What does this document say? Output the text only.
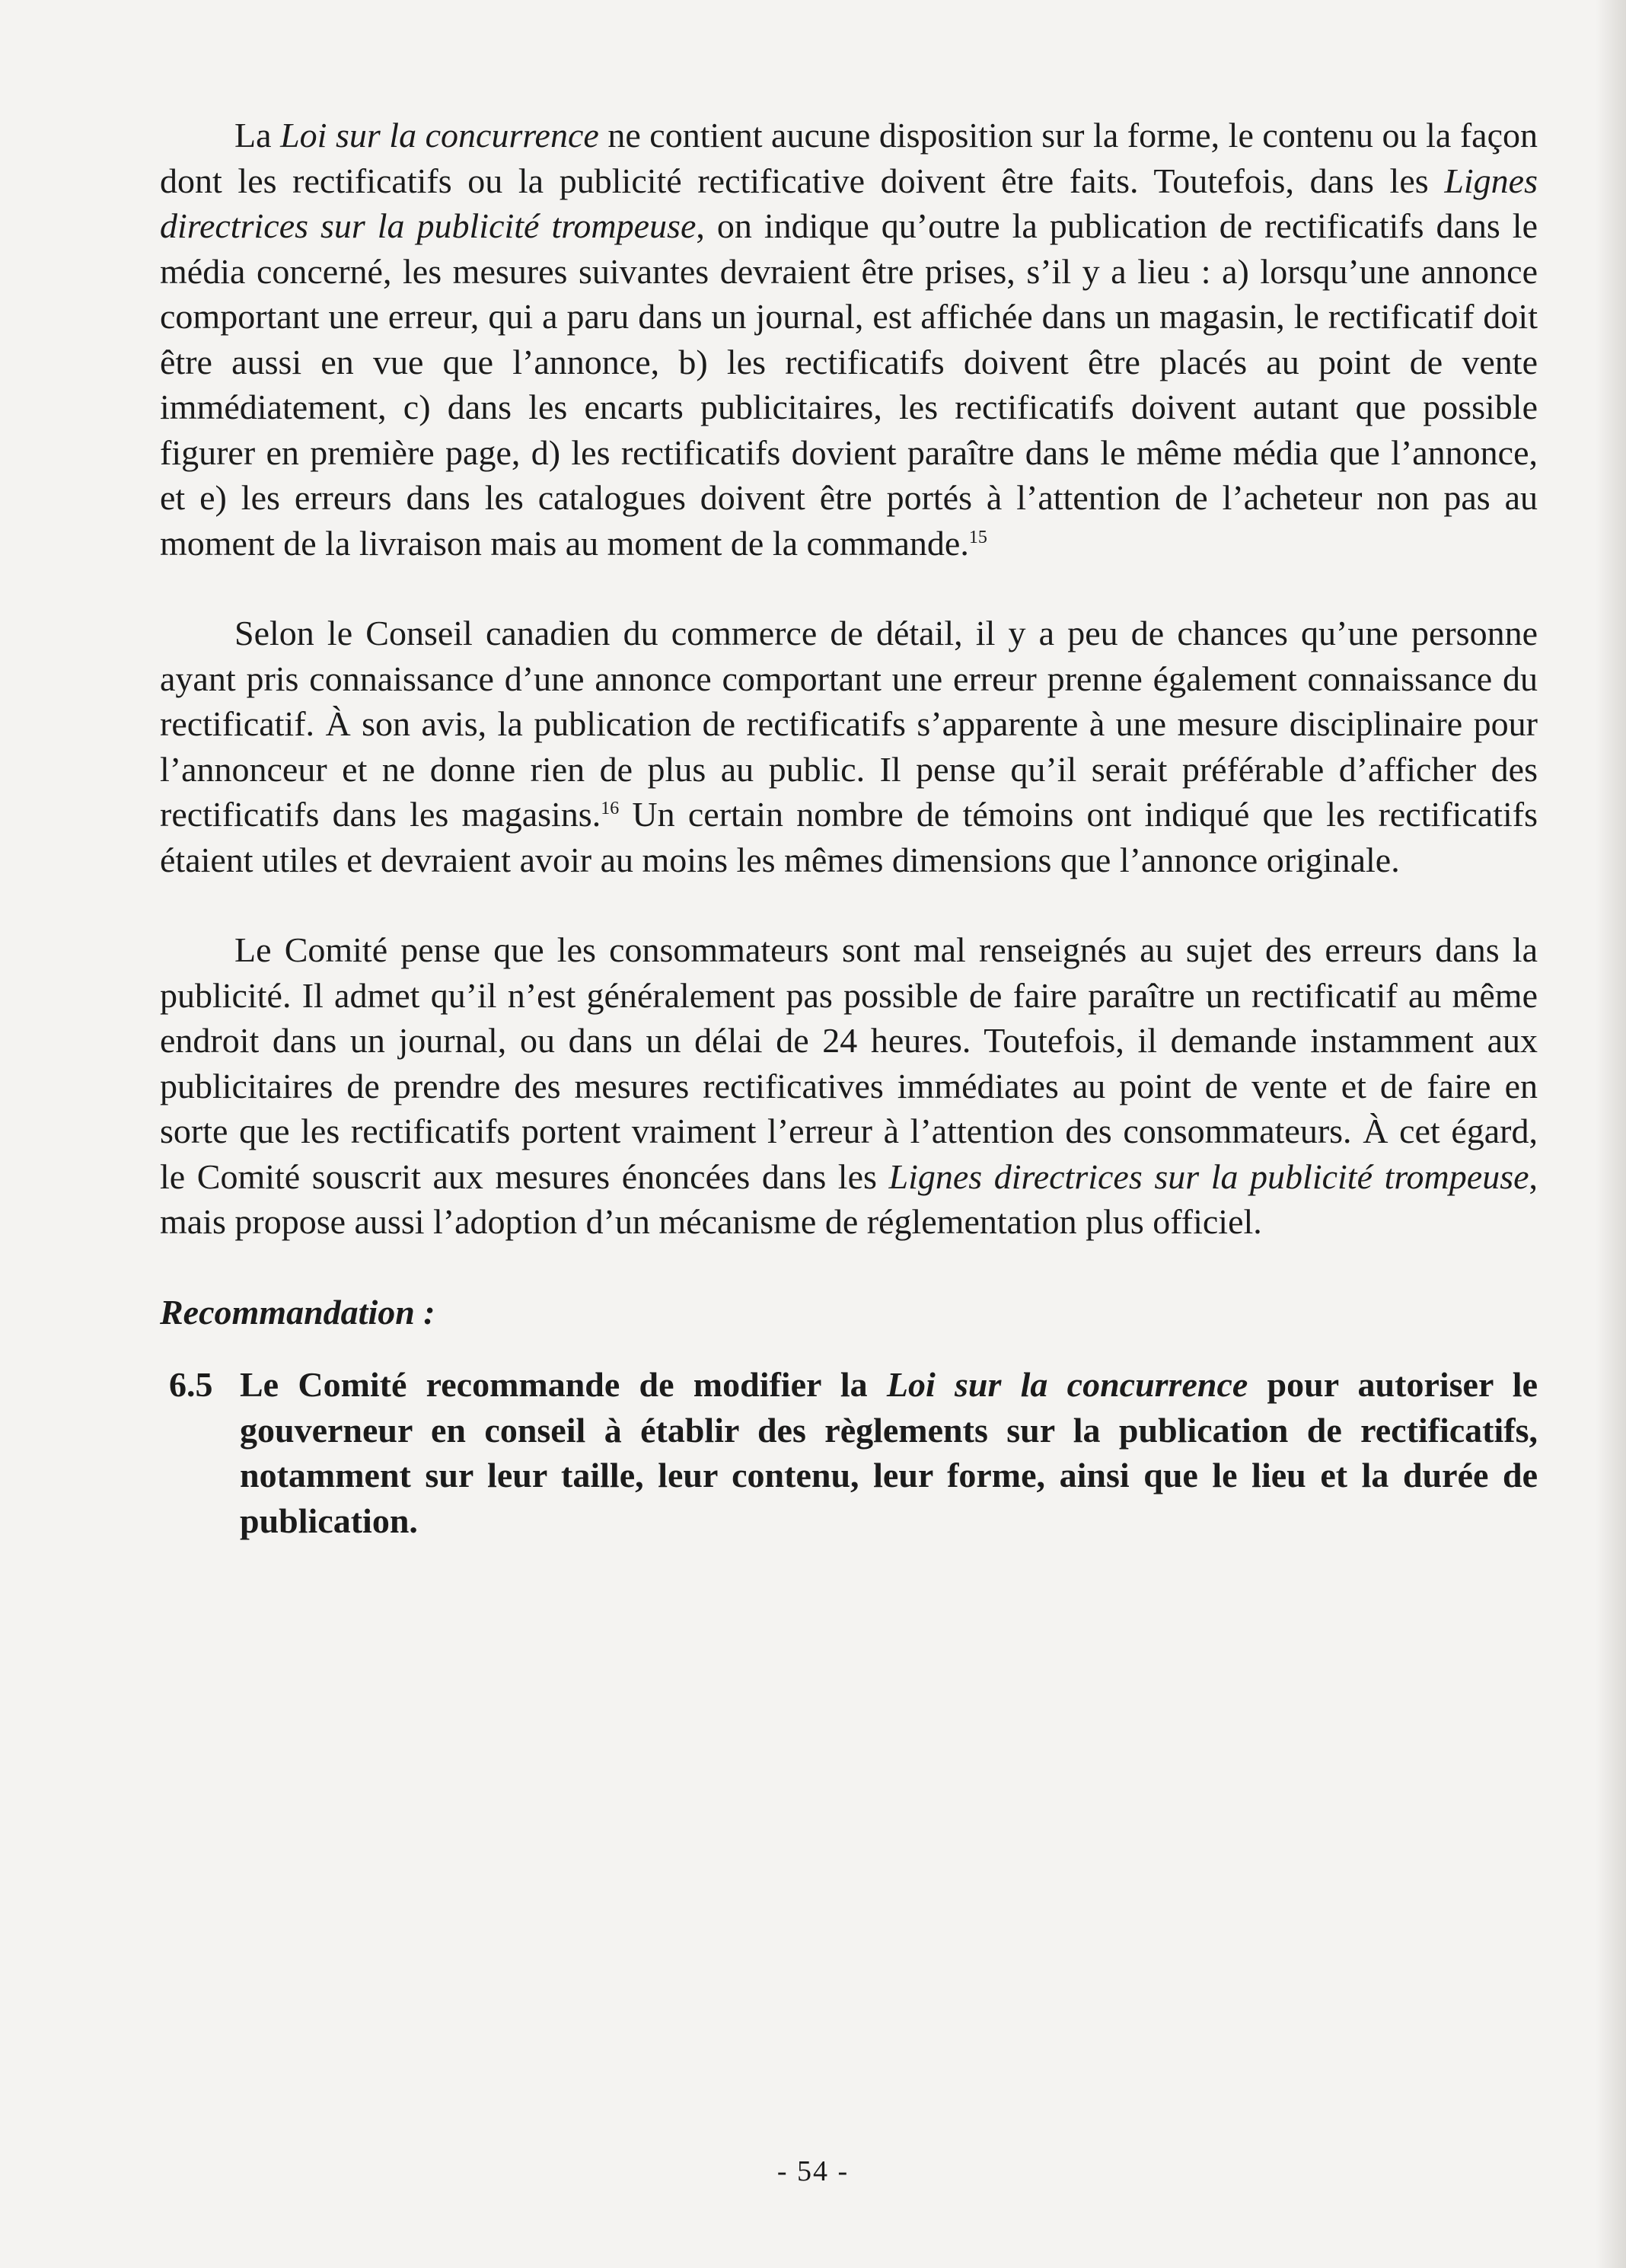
La Loi sur la concurrence ne contient aucune disposition sur la forme, le contenu ou la façon dont les rectificatifs ou la publicité rectificative doivent être faits. Toutefois, dans les Lignes directrices sur la publicité trompeuse, on indique qu’outre la publication de rectificatifs dans le média concerné, les mesures suivantes devraient être prises, s’il y a lieu : a) lorsqu’une annonce comportant une erreur, qui a paru dans un journal, est affichée dans un magasin, le rectificatif doit être aussi en vue que l’annonce, b) les rectificatifs doivent être placés au point de vente immédiatement, c) dans les encarts publicitaires, les rectificatifs doivent autant que possible figurer en première page, d) les rectificatifs dovient paraître dans le même média que l’annonce, et e) les erreurs dans les catalogues doivent être portés à l’attention de l’acheteur non pas au moment de la livraison mais au moment de la commande.$^{15}$

Selon le Conseil canadien du commerce de détail, il y a peu de chances qu’une personne ayant pris connaissance d’une annonce comportant une erreur prenne également connaissance du rectificatif. À son avis, la publication de rectificatifs s’apparente à une mesure disciplinaire pour l’annonceur et ne donne rien de plus au public. Il pense qu’il serait préférable d’afficher des rectificatifs dans les magasins.$^{16}$ Un certain nombre de témoins ont indiqué que les rectificatifs étaient utiles et devraient avoir au moins les mêmes dimensions que l’annonce originale.

Le Comité pense que les consommateurs sont mal renseignés au sujet des erreurs dans la publicité. Il admet qu’il n’est généralement pas possible de faire paraître un rectificatif au même endroit dans un journal, ou dans un délai de 24 heures. Toutefois, il demande instamment aux publicitaires de prendre des mesures rectificatives immédiates au point de vente et de faire en sorte que les rectificatifs portent vraiment l’erreur à l’attention des consommateurs. À cet égard, le Comité souscrit aux mesures énoncées dans les Lignes directrices sur la publicité trompeuse, mais propose aussi l’adoption d’un mécanisme de réglementation plus officiel.

Recommandation :

6.5 Le Comité recommande de modifier la Loi sur la concurrence pour autoriser le gouverneur en conseil à établir des règlements sur la publication de rectificatifs, notamment sur leur taille, leur contenu, leur forme, ainsi que le lieu et la durée de publication.
- 54 -
